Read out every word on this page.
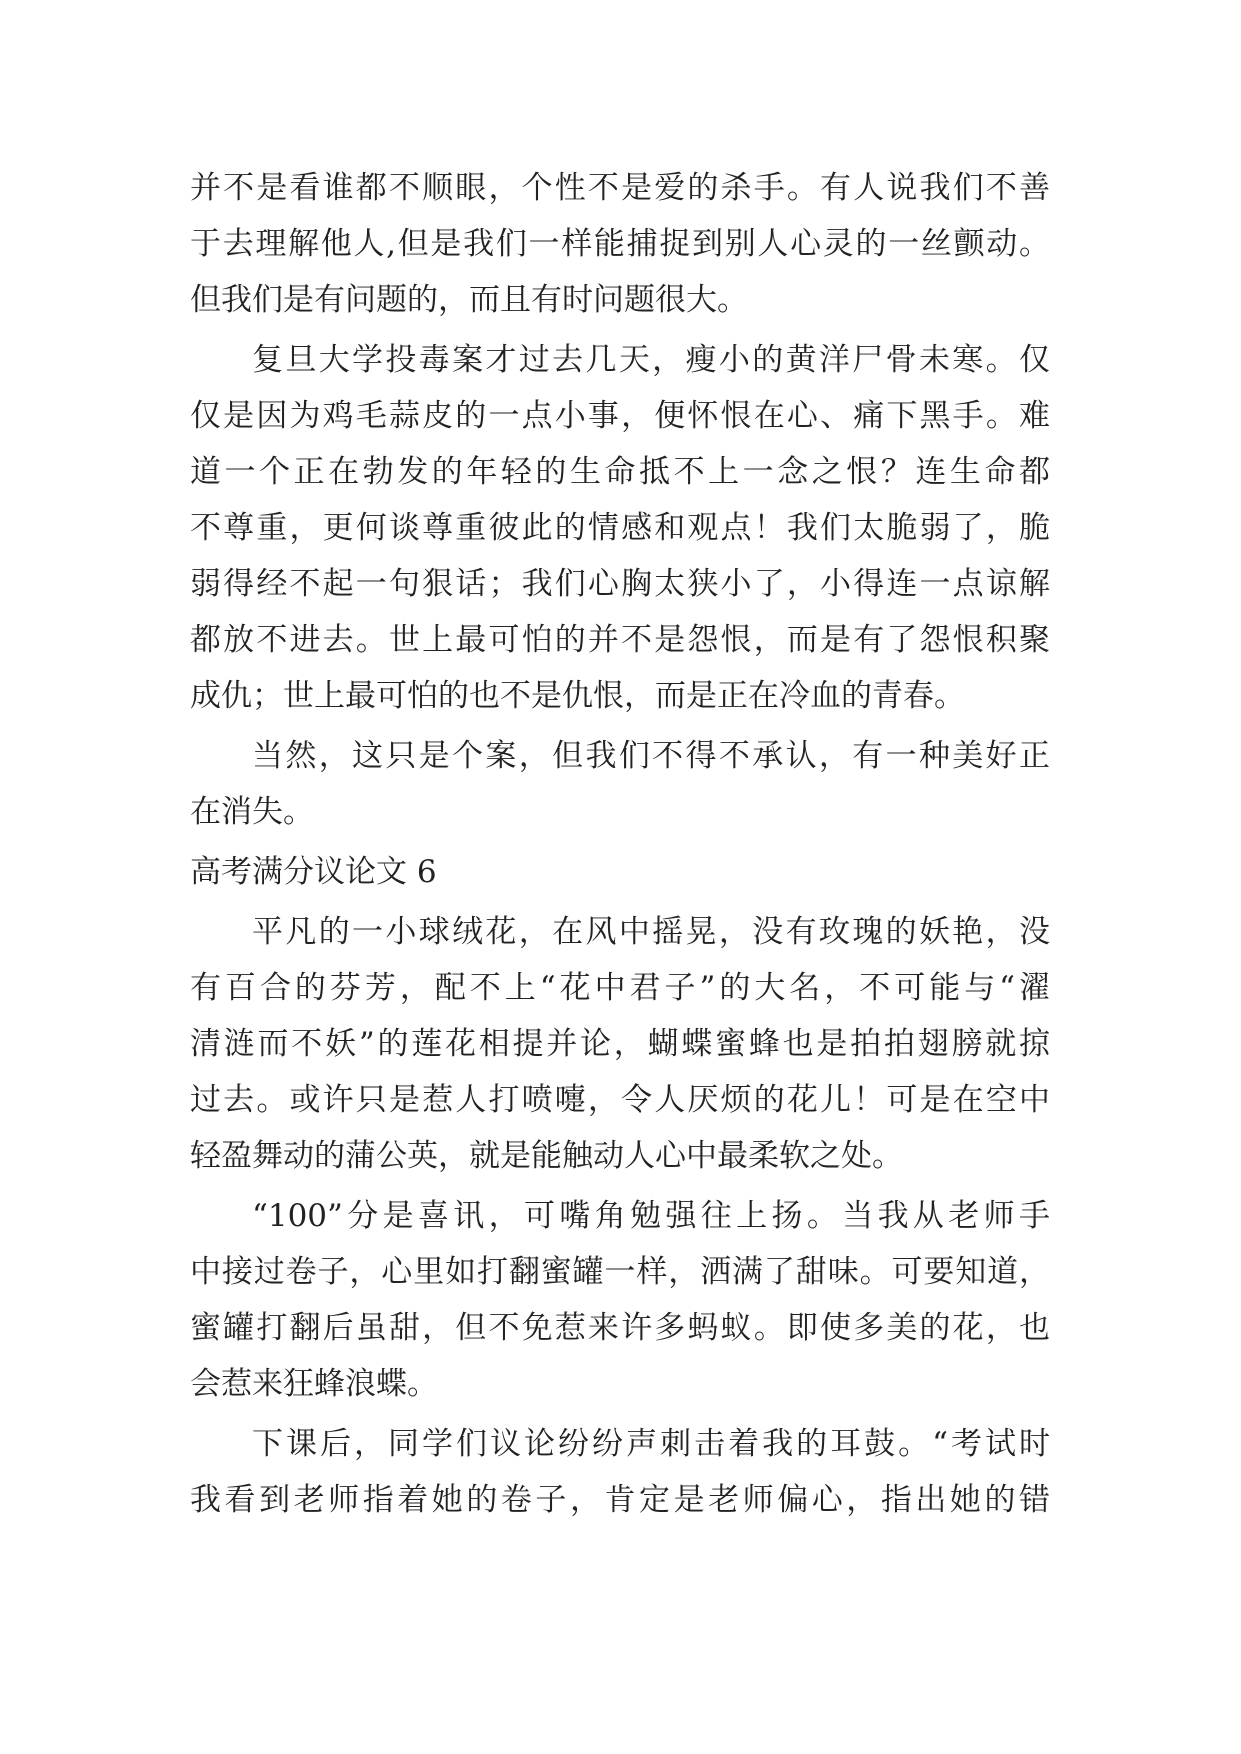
并不是看谁都不顺眼，个性不是爱的杀手。有人说我们不善
于去理解他人,但是我们一样能捕捉到别人心灵的一丝颤动。
但我们是有问题的，而且有时问题很大。
复旦大学投毒案才过去几天，瘦小的黄洋尸骨未寒。仅
仅是因为鸡毛蒜皮的一点小事，便怀恨在心、痛下黑手。难
道一个正在勃发的年轻的生命抵不上一念之恨？连生命都
不尊重，更何谈尊重彼此的情感和观点！我们太脆弱了，脆
弱得经不起一句狠话；我们心胸太狭小了，小得连一点谅解
都放不进去。世上最可怕的并不是怨恨，而是有了怨恨积聚
成仇；世上最可怕的也不是仇恨，而是正在冷血的青春。
当然，这只是个案，但我们不得不承认，有一种美好正
在消失。
高考满分议论文 6
平凡的一小球绒花，在风中摇晃，没有玫瑰的妖艳，没
有百合的芬芳，配不上“花中君子”的大名，不可能与“濯
清涟而不妖”的莲花相提并论，蝴蝶蜜蜂也是拍拍翅膀就掠
过去。或许只是惹人打喷嚏，令人厌烦的花儿！可是在空中
轻盈舞动的蒲公英，就是能触动人心中最柔软之处。
“100”分是喜讯，可嘴角勉强往上扬。当我从老师手
中接过卷子，心里如打翻蜜罐一样，洒满了甜味。可要知道，
蜜罐打翻后虽甜，但不免惹来许多蚂蚁。即使多美的花，也
会惹来狂蜂浪蝶。
下课后，同学们议论纷纷声刺击着我的耳鼓。“考试时
我看到老师指着她的卷子，肯定是老师偏心，指出她的错
